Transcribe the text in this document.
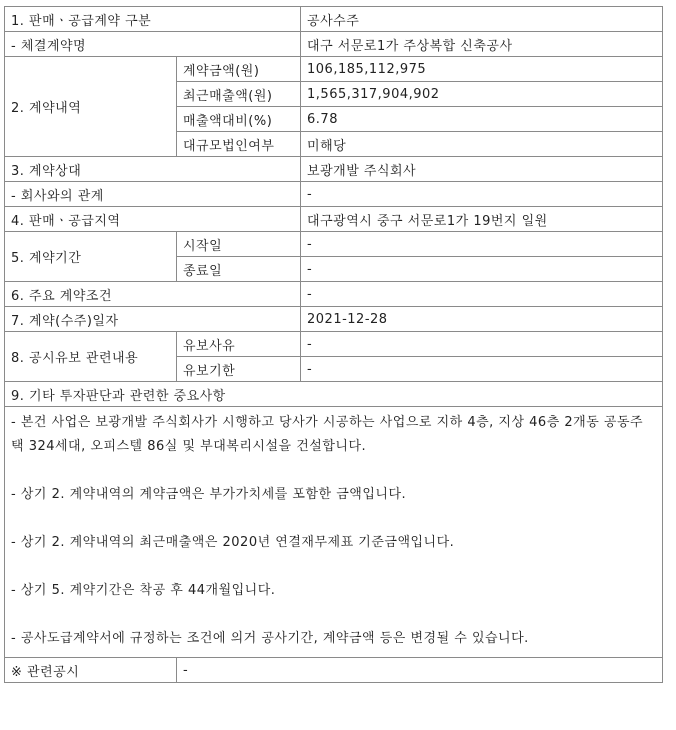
1. 판매ㆍ공급계약 구분		공사수주
- 체결계약명		대구 서문로1가 주상복합 신축공사
2. 계약내역	계약금액(원)	106,185,112,975
	최근매출액(원)	1,565,317,904,902
	매출액대비(%)	6.78
	대규모법인여부	미해당
3. 계약상대		보광개발 주식회사
- 회사와의 관계		-
4. 판매ㆍ공급지역		대구광역시 중구 서문로1가 19번지 일원
5. 계약기간	시작일	-
	종료일	-
6. 주요 계약조건		-
7. 계약(수주)일자		2021-12-28
8. 공시유보 관련내용	유보사유	-
	유보기한	-
9. 기타 투자판단과 관련한 중요사항		

- 본건 사업은 보광개발 주식회사가 시행하고 당사가 시공하는 사업으로 지하 4층, 지상 46층 2개동 공동주택 324세대, 오피스텔 86실 및 부대복리시설을 건설합니다.

- 상기 2. 계약내역의 계약금액은 부가가치세를 포함한 금액입니다.

- 상기 2. 계약내역의 최근매출액은 2020년 연결재무제표 기준금액입니다.

- 상기 5. 계약기간은 착공 후 44개월입니다.

- 공사도급계약서에 규정하는 조건에 의거 공사기간, 계약금액 등은 변경될 수 있습니다.		

※ 관련공시	-	
